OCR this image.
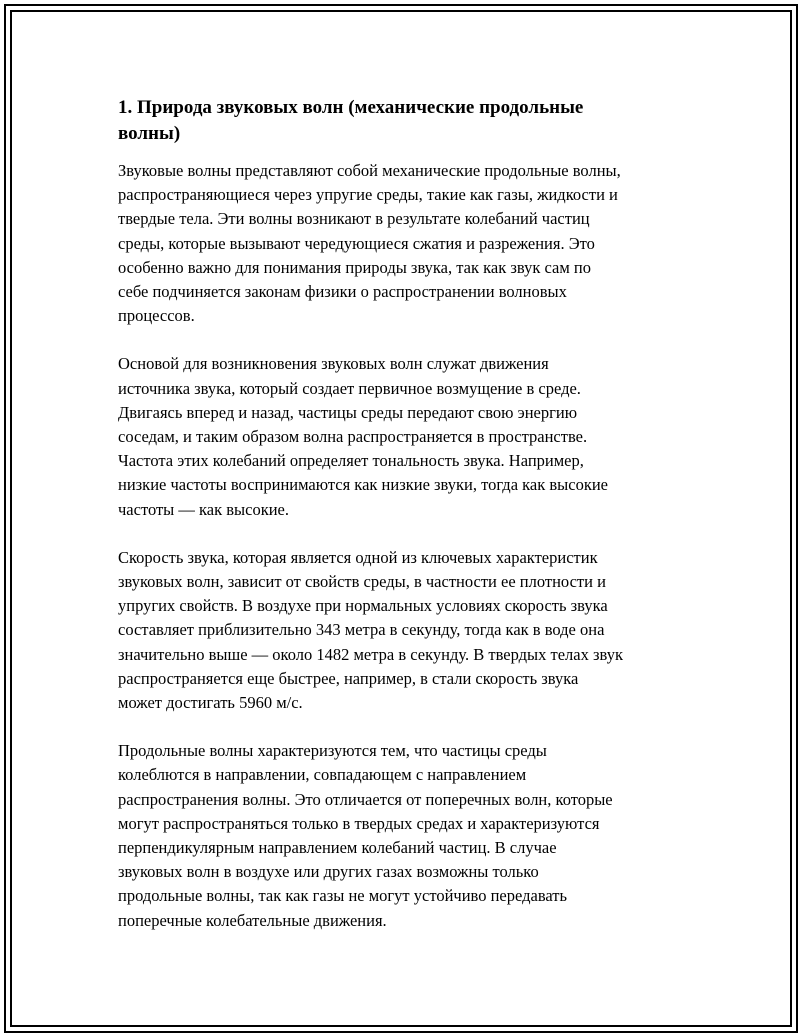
1. Природа звуковых волн (механические продольные
волны)

Звуковые волны представляют собой механические продольные волны,
распространяющиеся через упругие среды, такие как газы, жидкости и
твердые тела. Эти волны возникают в результате колебаний частиц
среды, которые вызывают чередующиеся сжатия и разрежения. Это
особенно важно для понимания природы звука, так как звук сам по
себе подчиняется законам физики о распространении волновых
процессов.

Основой для возникновения звуковых волн служат движения
источника звука, который создает первичное возмущение в среде.
Двигаясь вперед и назад, частицы среды передают свою энергию
соседам, и таким образом волна распространяется в пространстве.
Частота этих колебаний определяет тональность звука. Например,
низкие частоты воспринимаются как низкие звуки, тогда как высокие
частоты — как высокие.

Скорость звука, которая является одной из ключевых характеристик
звуковых волн, зависит от свойств среды, в частности ее плотности и
упругих свойств. В воздухе при нормальных условиях скорость звука
составляет приблизительно 343 метра в секунду, тогда как в воде она
значительно выше — около 1482 метра в секунду. В твердых телах звук
распространяется еще быстрее, например, в стали скорость звука
может достигать 5960 м/с.

Продольные волны характеризуются тем, что частицы среды
колеблются в направлении, совпадающем с направлением
распространения волны. Это отличается от поперечных волн, которые
могут распространяться только в твердых средах и характеризуются
перпендикулярным направлением колебаний частиц. В случае
звуковых волн в воздухе или других газах возможны только
продольные волны, так как газы не могут устойчиво передавать
поперечные колебательные движения.
